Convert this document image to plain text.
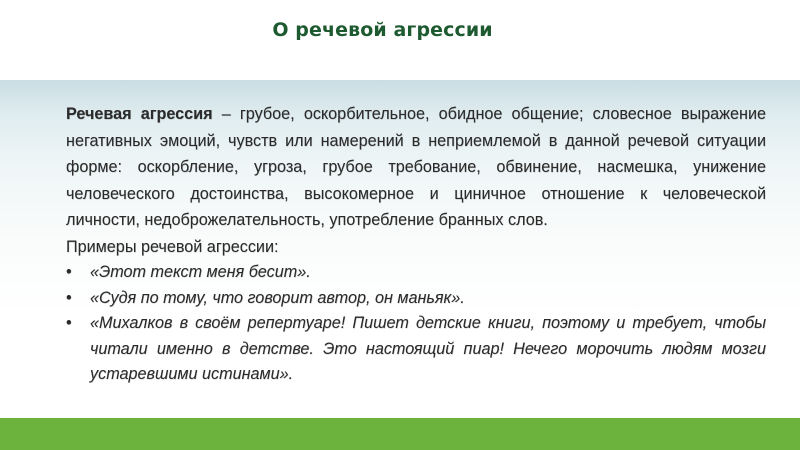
О речевой агрессии
Речевая агрессия – грубое, оскорбительное, обидное общение; словесное выражение негативных эмоций, чувств или намерений в неприемлемой в данной речевой ситуации форме: оскорбление, угроза, грубое требование, обвинение, насмешка, унижение человеческого достоинства, высокомерное и циничное отношение к человеческой личности, недоброжелательность, употребление бранных слов.
Примеры речевой агрессии:
• «Этот текст меня бесит».
• «Судя по тому, что говорит автор, он маньяк».
• «Михалков в своём репертуаре! Пишет детские книги, поэтому и требует, чтобы читали именно в детстве. Это настоящий пиар! Нечего морочить людям мозги устаревшими истинами».
